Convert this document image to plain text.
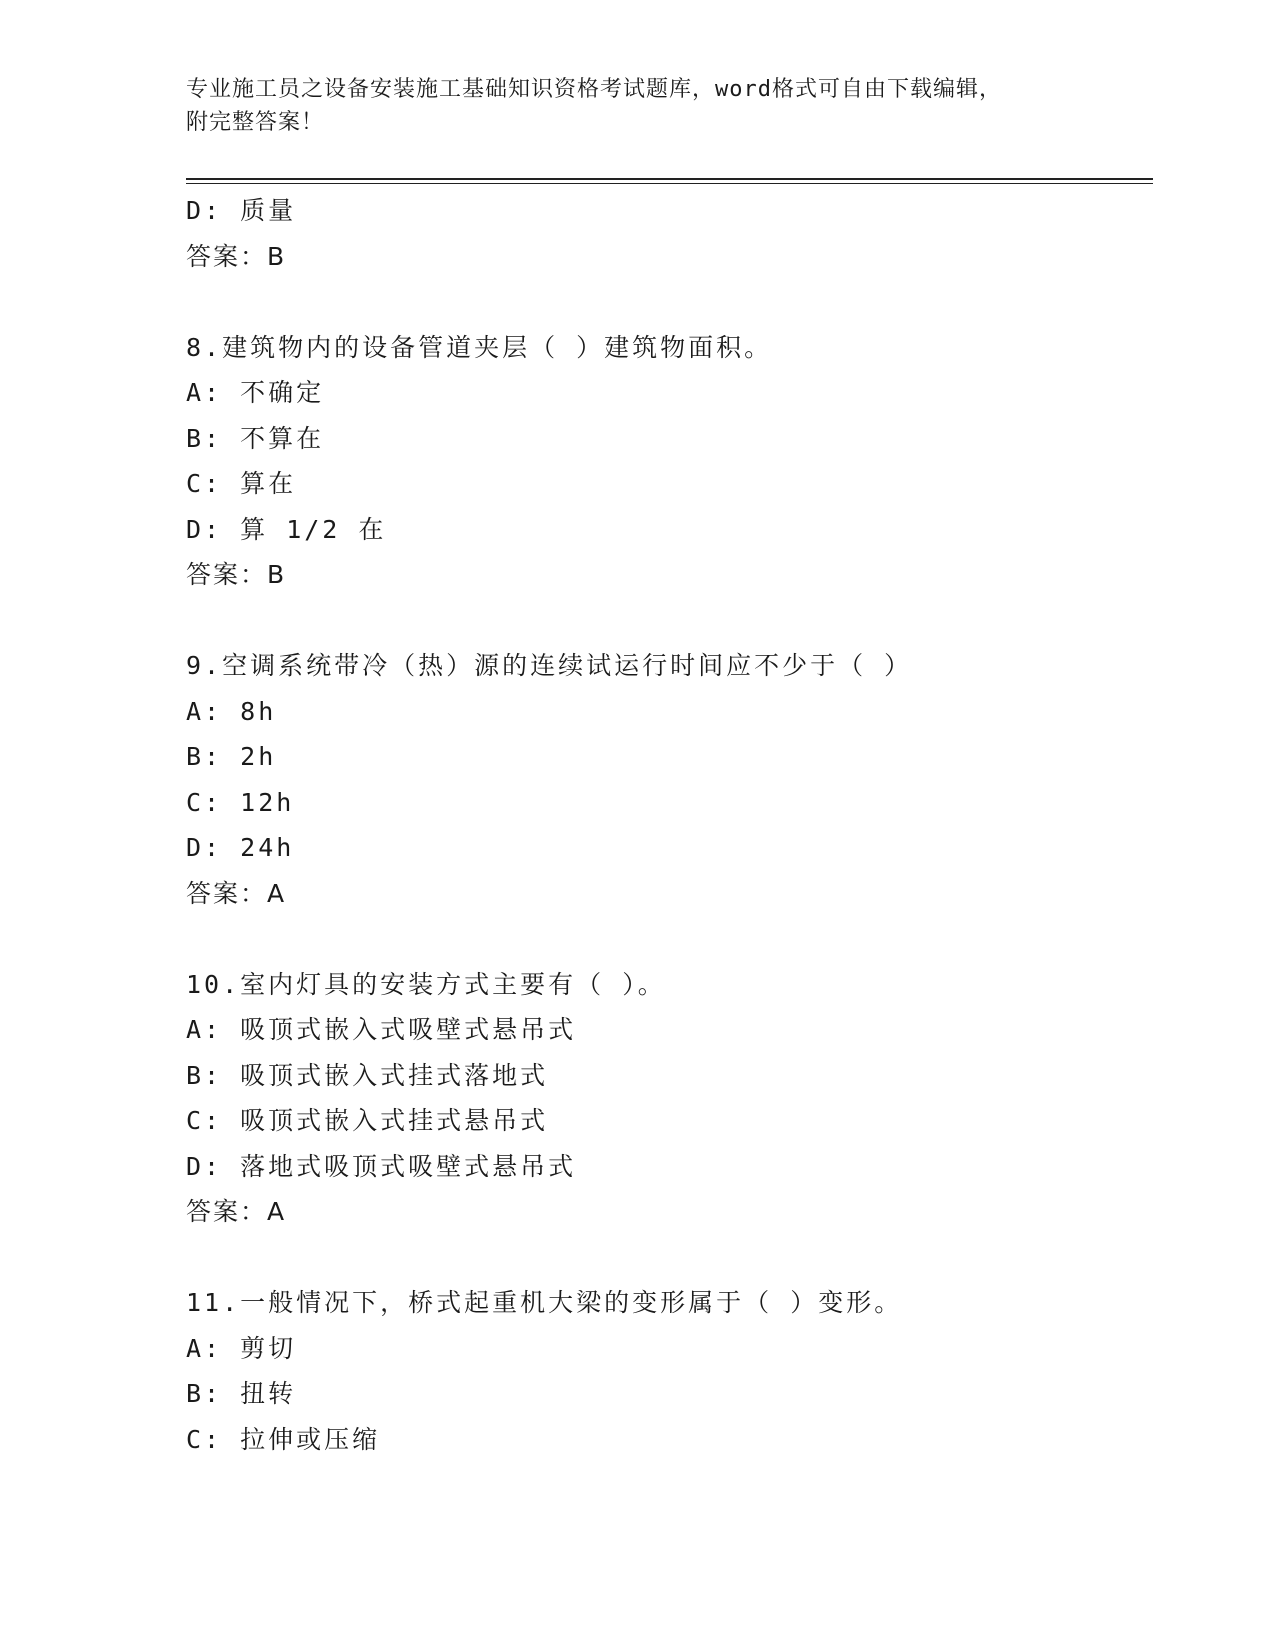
专业施工员之设备安装施工基础知识资格考试题库，word格式可自由下载编辑，
附完整答案！
D: 质量
答案：B
8.建筑物内的设备管道夹层（ ）建筑物面积。
A: 不确定
B: 不算在
C: 算在
D: 算 1/2 在
答案：B
9.空调系统带冷（热）源的连续试运行时间应不少于（ ）
A: 8h
B: 2h
C: 12h
D: 24h
答案：A
10.室内灯具的安装方式主要有（ ）。
A: 吸顶式嵌入式吸壁式悬吊式
B: 吸顶式嵌入式挂式落地式
C: 吸顶式嵌入式挂式悬吊式
D: 落地式吸顶式吸壁式悬吊式
答案：A
11.一般情况下，桥式起重机大梁的变形属于（ ）变形。
A: 剪切
B: 扭转
C: 拉伸或压缩
